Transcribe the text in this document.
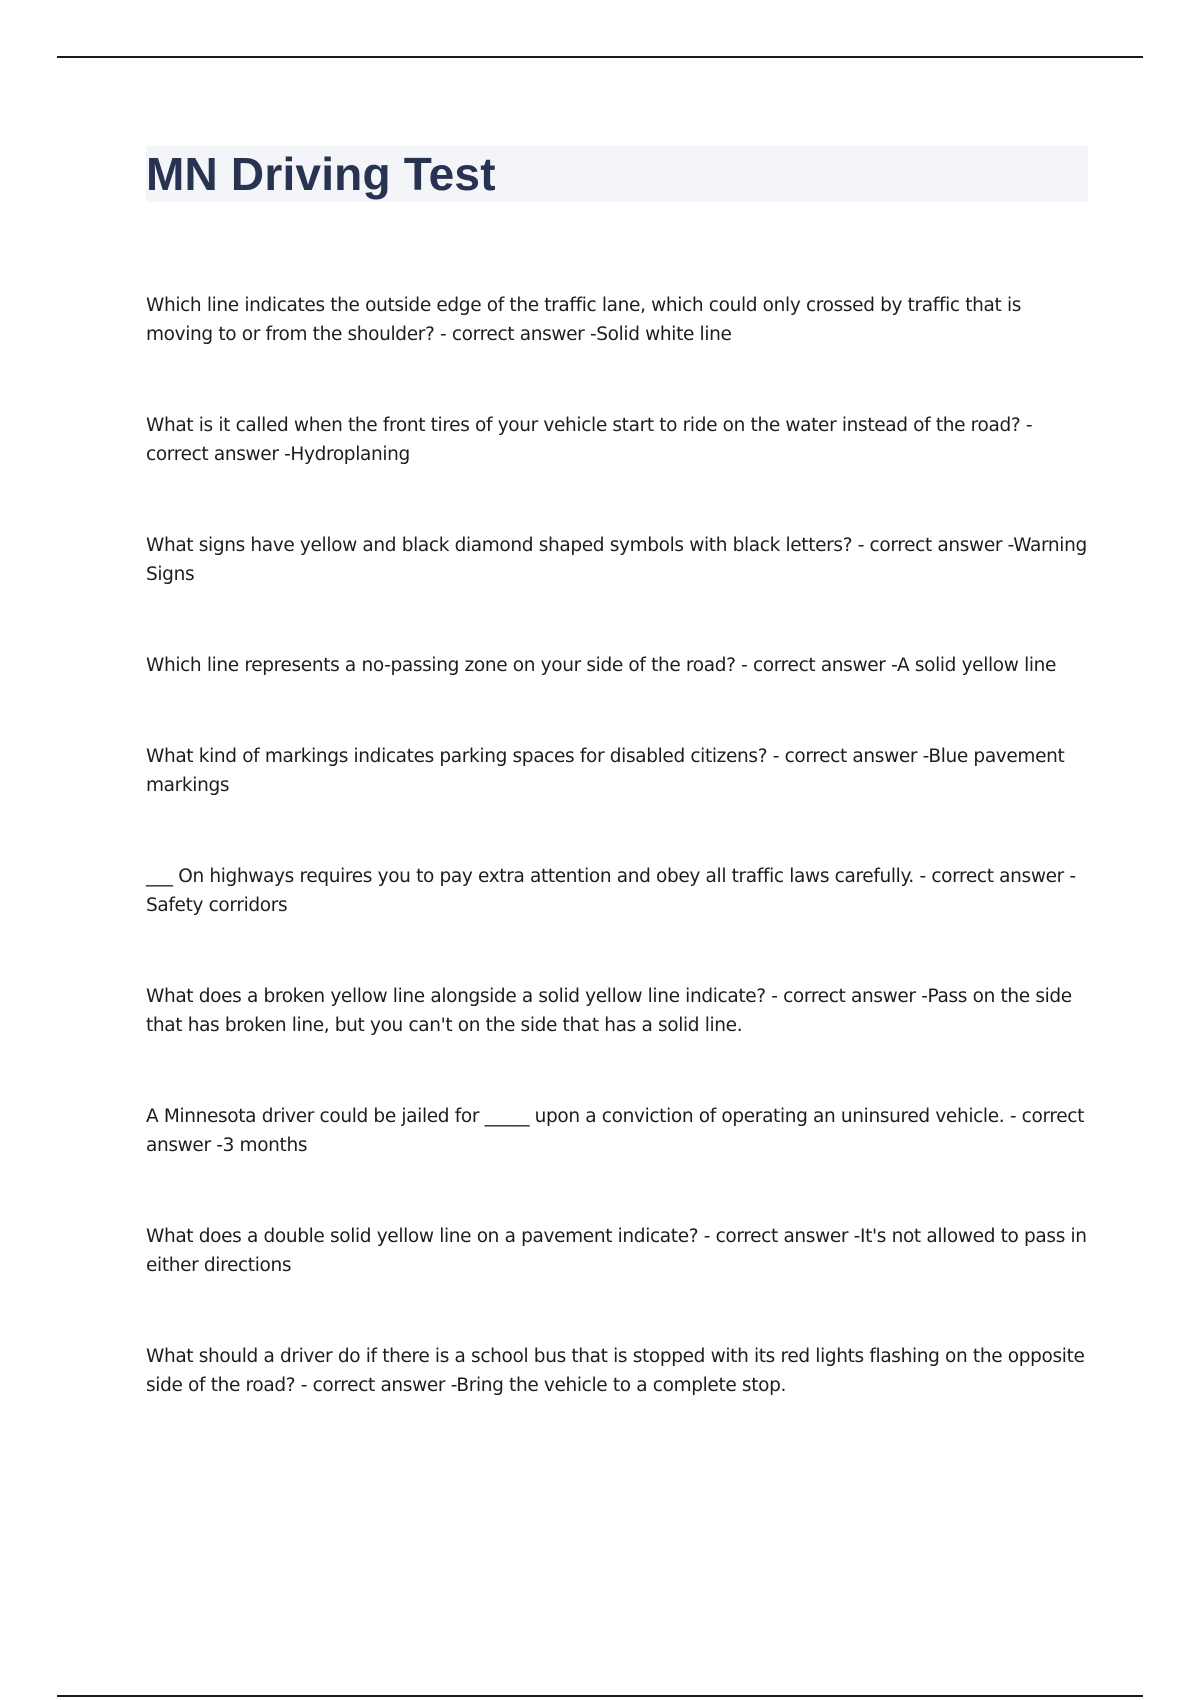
MN Driving Test

Which line indicates the outside edge of the traffic lane, which could only crossed by traffic that is moving to or from the shoulder? - correct answer -Solid white line

What is it called when the front tires of your vehicle start to ride on the water instead of the road? - correct answer -Hydroplaning

What signs have yellow and black diamond shaped symbols with black letters? - correct answer -Warning Signs

Which line represents a no-passing zone on your side of the road? - correct answer -A solid yellow line

What kind of markings indicates parking spaces for disabled citizens? - correct answer -Blue pavement markings

___ On highways requires you to pay extra attention and obey all traffic laws carefully. - correct answer -Safety corridors

What does a broken yellow line alongside a solid yellow line indicate? - correct answer -Pass on the side that has broken line, but you can't on the side that has a solid line.

A Minnesota driver could be jailed for _____ upon a conviction of operating an uninsured vehicle. - correct answer -3 months

What does a double solid yellow line on a pavement indicate? - correct answer -It's not allowed to pass in either directions

What should a driver do if there is a school bus that is stopped with its red lights flashing on the opposite side of the road? - correct answer -Bring the vehicle to a complete stop.
